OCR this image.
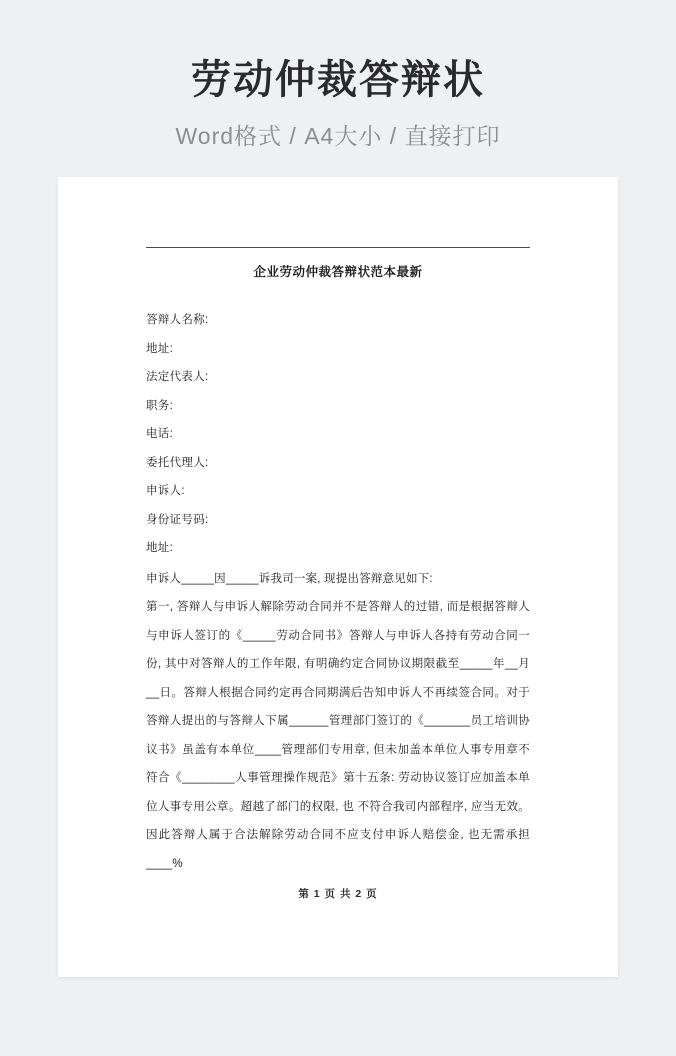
劳动仲裁答辩状
Word格式 / A4大小 / 直接打印
企业劳动仲裁答辩状范本最新
答辩人名称:
地址:
法定代表人:
职务:
电话:
委托代理人:
申诉人:
身份证号码:
地址:

申诉人_____因_____诉我司一案, 现提出答辩意见如下:

第一, 答辩人与申诉人解除劳动合同并不是答辩人的过错, 而是根据答辩人与申诉人签订的《_____劳动合同书》答辩人与申诉人各持有劳动合同一份, 其中对答辩人的工作年限, 有明确约定合同协议期限截至_____年__月__日。答辩人根据合同约定再合同期满后告知申诉人不再续签合同。对于答辩人提出的与答辩人下属______管理部门签订的《_______员工培训协议书》虽盖有本单位____管理部们专用章, 但未加盖本单位人事专用章不符合《________人事管理操作规范》第十五条: 劳动协议签订应加盖本单位人事专用公章。超越了部门的权限, 也 不符合我司内部程序, 应当无效。因此答辩人属于合法解除劳动合同不应支付申诉人赔偿金, 也无需承担____%

第 1 页 共 2 页
